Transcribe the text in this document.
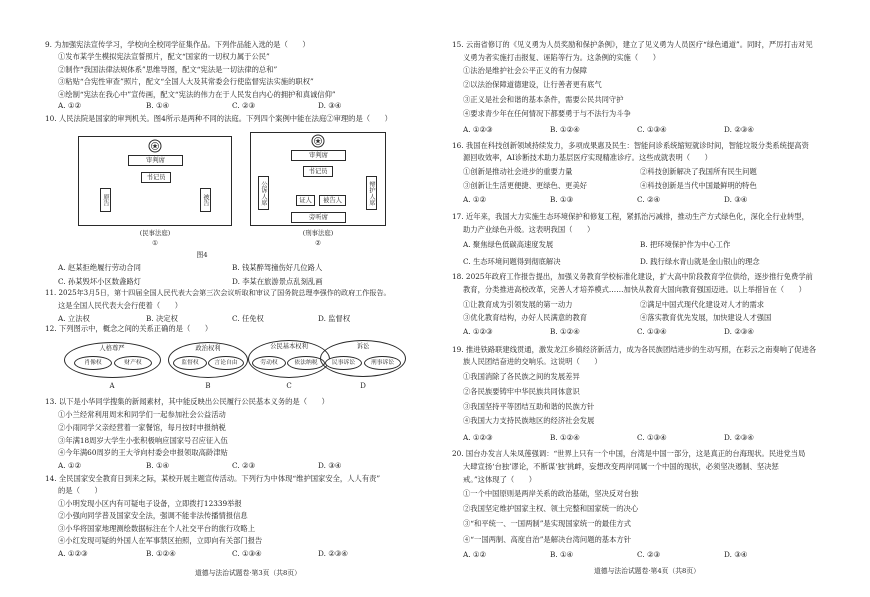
9. 为加强宪法宣传学习，学校向全校同学征集作品。下列作品能入选的是（　　）
①发布某学生模拟宪法宣誓照片，配文“国家的一切权力属于公民”
②制作“我国法律法规体系”思维导图，配文“宪法是一切法律的总和”
③粘贴“合宪性审查”照片，配文“全国人大及其常委会行使监督宪法实施的职权”
④绘制“宪法在我心中”宣传画，配文“宪法的伟力在于人民发自内心的拥护和真诚信仰”
A. ①②	B. ①④	C. ②③	D. ③④
10. 人民法院是国家的审判机关。图4所示是两种不同的法庭。下列四个案例中能在法庭②审理的是（　　）
审判席
书记员
原告	被告
(民事法庭)
①
审判席
书记员
公诉人席	辩护人席
证人	被告人
旁听席
(刑事法庭)
②
图4
A. 赵某拒绝履行劳动合同	B. 钱某醉驾撞伤好几位路人
C. 孙某毁坏小区数盏路灯	D. 李某在旅游景点乱刻乱画
11. 2025年3月5日，第十四届全国人民代表大会第三次会议听取和审议了国务院总理李强作的政府工作报告。
这是全国人民代表大会行使着（　　）
A. 立法权	B. 决定权	C. 任免权	D. 监督权
12. 下列图示中，概念之间的关系正确的是（　　）
人格尊严
肖像权	财产权
A
政治权利
监督权	言论自由
B
公民基本权利
劳动权	依法纳税
C
诉讼
民事诉讼	刑事诉讼
D
13. 以下是小华同学搜集的新闻素材，其中能反映出公民履行公民基本义务的是（　　）
①小兰经常利用周末和同学们一起参加社会公益活动
②小雨同学父亲经营着一家餐馆，每月按时申报纳税
③年满18周岁大学生小张积极响应国家号召应征入伍
④今年满60周岁的王大爷向村委会申报领取高龄津贴
A. ①②	B. ①④	C. ②③	D. ③④
14. 全民国家安全教育日到来之际，某校开展主题宣传活动。下列行为中体现“维护国家安全，人人有责”
的是（　　）
①小明发现小区内有可疑电子设备，立即拨打12339举报
②小强向同学普及国家安全法，强调不能非法传播情报信息
③小华将国家地理测绘数据标注在个人社交平台的旅行攻略上
④小红发现可疑的外国人在军事禁区拍照，立即向有关部门报告
A. ①②③	B. ①②④	C. ①③④	D. ②③④
道德与法治试题卷·第3页（共8页）
15. 云南省修订的《见义勇为人员奖励和保护条例》，建立了见义勇为人员医疗“绿色通道”。同时，严厉打击对见
义勇为者实施打击报复、诬陷等行为。这条例的实施（　　）
①法治是维护社会公平正义的有力保障
②以法治保障道德建设，让行善者更有底气
③正义是社会和谐的基本条件，需要公民共同守护
④要求青少年在任何情况下都要勇于与不法行为斗争
A. ①②③	B. ①②④	C. ①③④	D. ②③④
16. 我国在科技创新领域持续发力，多项成果惠及民生：智能问诊系统缩短就诊时间，智能垃圾分类系统提高资
源回收效率，AI诊断技术助力基层医疗实现精准诊疗。这些成就表明（　　）
①创新是推动社会进步的重要力量	②科技创新解决了我国所有民生问题
③创新让生活更便捷、更绿色、更美好	④科技创新是当代中国最鲜明的特色
A. ①②	B. ①③	C. ②④	D. ③④
17. 近年来，我国大力实施生态环境保护和修复工程，紧抓治污减排，推动生产方式绿色化，深化全行业转型，
助力产业绿色升级。这表明我国（　　）
A. 聚焦绿色低碳高速度发展	B. 把环境保护作为中心工作
C. 生态环境问题得到彻底解决	D. 践行绿水青山就是金山银山的理念
18. 2025年政府工作报告提出，加强义务教育学校标准化建设，扩大高中阶段教育学位供给，逐步推行免费学前
教育，分类推进高校改革，完善人才培养模式……加快从教育大国向教育强国迈进。以上举措旨在（　　）
①让教育成为引领发展的第一动力	②满足中国式现代化建设对人才的需求
③优化教育结构，办好人民满意的教育	④落实教育优先发展，加快建设人才强国
A. ①②③	B. ①②④	C. ①③④	D. ②③④
19. 推进铁路联建线贯通，激发龙江乡镇经济新活力，成为各民族团结进步的生动写照，在彩云之南奏响了促进各
族人民团结奋进的交响乐。这说明（　　）
①我国消除了各民族之间的发展差异
②各民族要铸牢中华民族共同体意识
③我国坚持平等团结互助和谐的民族方针
④我国大力支持民族地区的经济社会发展
A. ①②③	B. ①②④	C. ①③④	D. ②③④
20. 国台办发言人朱凤莲强调：“世界上只有一个中国，台湾是中国一部分，这是真正的台海现状。民进党当局
大肆宣扬‘台独’谬论，不断谋‘独’挑衅，妄想改变两岸同属一个中国的现状，必须坚决遏制、坚决惩
戒。”这体现了（　　）
①一个中国原则是两岸关系的政治基础，坚决反对台独
②我国坚定维护国家主权、领土完整和国家统一的决心
③“和平统一、一国两制”是实现国家统一的最佳方式
④“一国两制、高度自治”是解决台湾问题的基本方针
A. ①②	B. ①④	C. ②③	D. ③④
道德与法治试题卷·第4页（共8页）
